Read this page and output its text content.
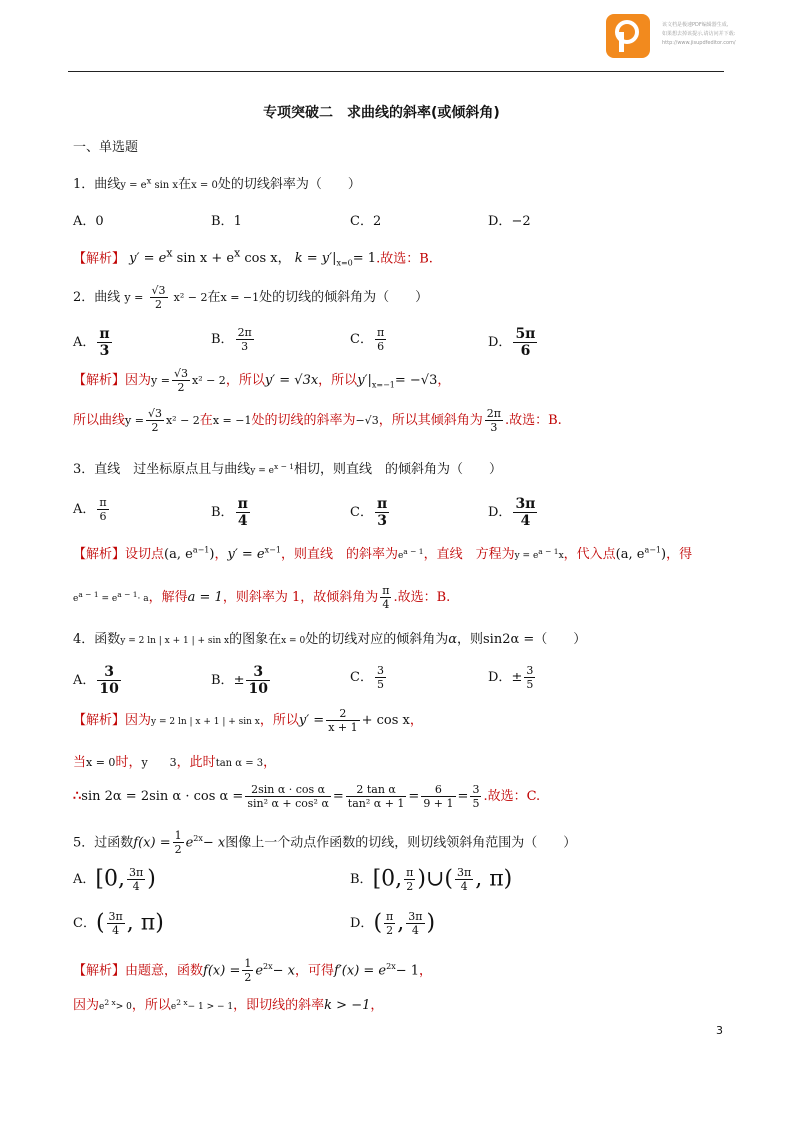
该文档是极速PDF编辑器生成,
如果想去掉该提示,请访问并下载:
http://www.jisupdfeditor.com/
专项突破二　求曲线的斜率(或倾斜角)
一、单选题
1．曲线$y = e^x$ sin x在x = 0处的切线斜率为（　　）
A．0	B．1	C．2	D．−2
【解析】 $y' = e^x$ $\sin x + e^x$ cos x， $k = y'|_{x=0}= 1$.故选：B.
2．曲线 $y = \frac{√3}{2} x^2 - 2$在x = −1处的切线的倾斜角为（　　）
A． $\frac{\pi}{3}$	B． $\frac{2\pi}{3}$	C． $\frac{\pi}{6}$	D． $\frac{5\pi}{6}$
【解析】因为$y = \frac{√3}{2} x^2 - 2$，所以y′ = √3x，所以$y'|_{x=-1}= -√3$，
所以曲线$y = \frac{√3}{2} x^2 - 2$在x = −1处的切线的斜率为−√3，所以其倾斜角为 $\frac{2\pi}{3}$ .故选：B.
3．直线　过坐标原点且与曲线$y = e^{x - 1}$相切，则直线　的倾斜角为（　　）
A． $\frac{\pi}{6}$	B． $\frac{\pi}{4}$	C． $\frac{\pi}{3}$	D． $\frac{3\pi}{4}$
【解析】设切点(a, $e^{a-1}$)，$y' = e^{x-1}$，则直线　的斜率为$e^{a - 1}$，直线　方程为$y = e^{a - 1}x$，代入点(a, $e^{a-1}$)，得
$e^{a - 1} = e^{a - 1}\cdot a$，解得a = 1，则斜率为 1，故倾斜角为 $\frac{\pi}{4}$ .故选：B.
4．函数y = 2 ln | x + 1 | + sin x的图象在x = 0处的切线对应的倾斜角为α，则sin2α =（　　）
A． $\frac{3}{10}$	B．± $\frac{3}{10}$	C． $\frac{3}{5}$	D．± $\frac{3}{5}$
【解析】因为y = 2 ln | x + 1 | + sin x，所以$y' = \frac{2}{x + 1} + \cos x$，
当x = 0时，y　　3，此时tan α = 3，
∴sin 2α = 2sin $\alpha \cdot \cos \alpha = \frac{\text{2sin α · cos α}}{\text{sin² α + cos² α}} = \frac{\text{2 tan α}}{\text{tan² α + 1}} = \frac{6}{9 + 1} = \frac{3}{5}$ .故选：C.
5．过函数$f(x) = \frac{1}{2} e^{2x}- x$图像上一个动点作函数的切线，则切线领斜角范围为（　　）
A．[0, $\frac{3\pi}{4}$ )	B．[0, $\frac{\pi}{2}$ )∪( $\frac{3\pi}{4}$ , π)
C．( $\frac{3\pi}{4}$ , π)	D．( $\frac{\pi}{2}$ , $\frac{3\pi}{4}$ )
【解析】由题意，函数$f(x) = \frac{1}{2} e^{2x}- x$，可得$f'(x) = e^{2x}- 1$，
因为$e^{2 x}> 0$，所以$e^{2 x}- 1$ > − 1，即切线的斜率k > −1，
3
